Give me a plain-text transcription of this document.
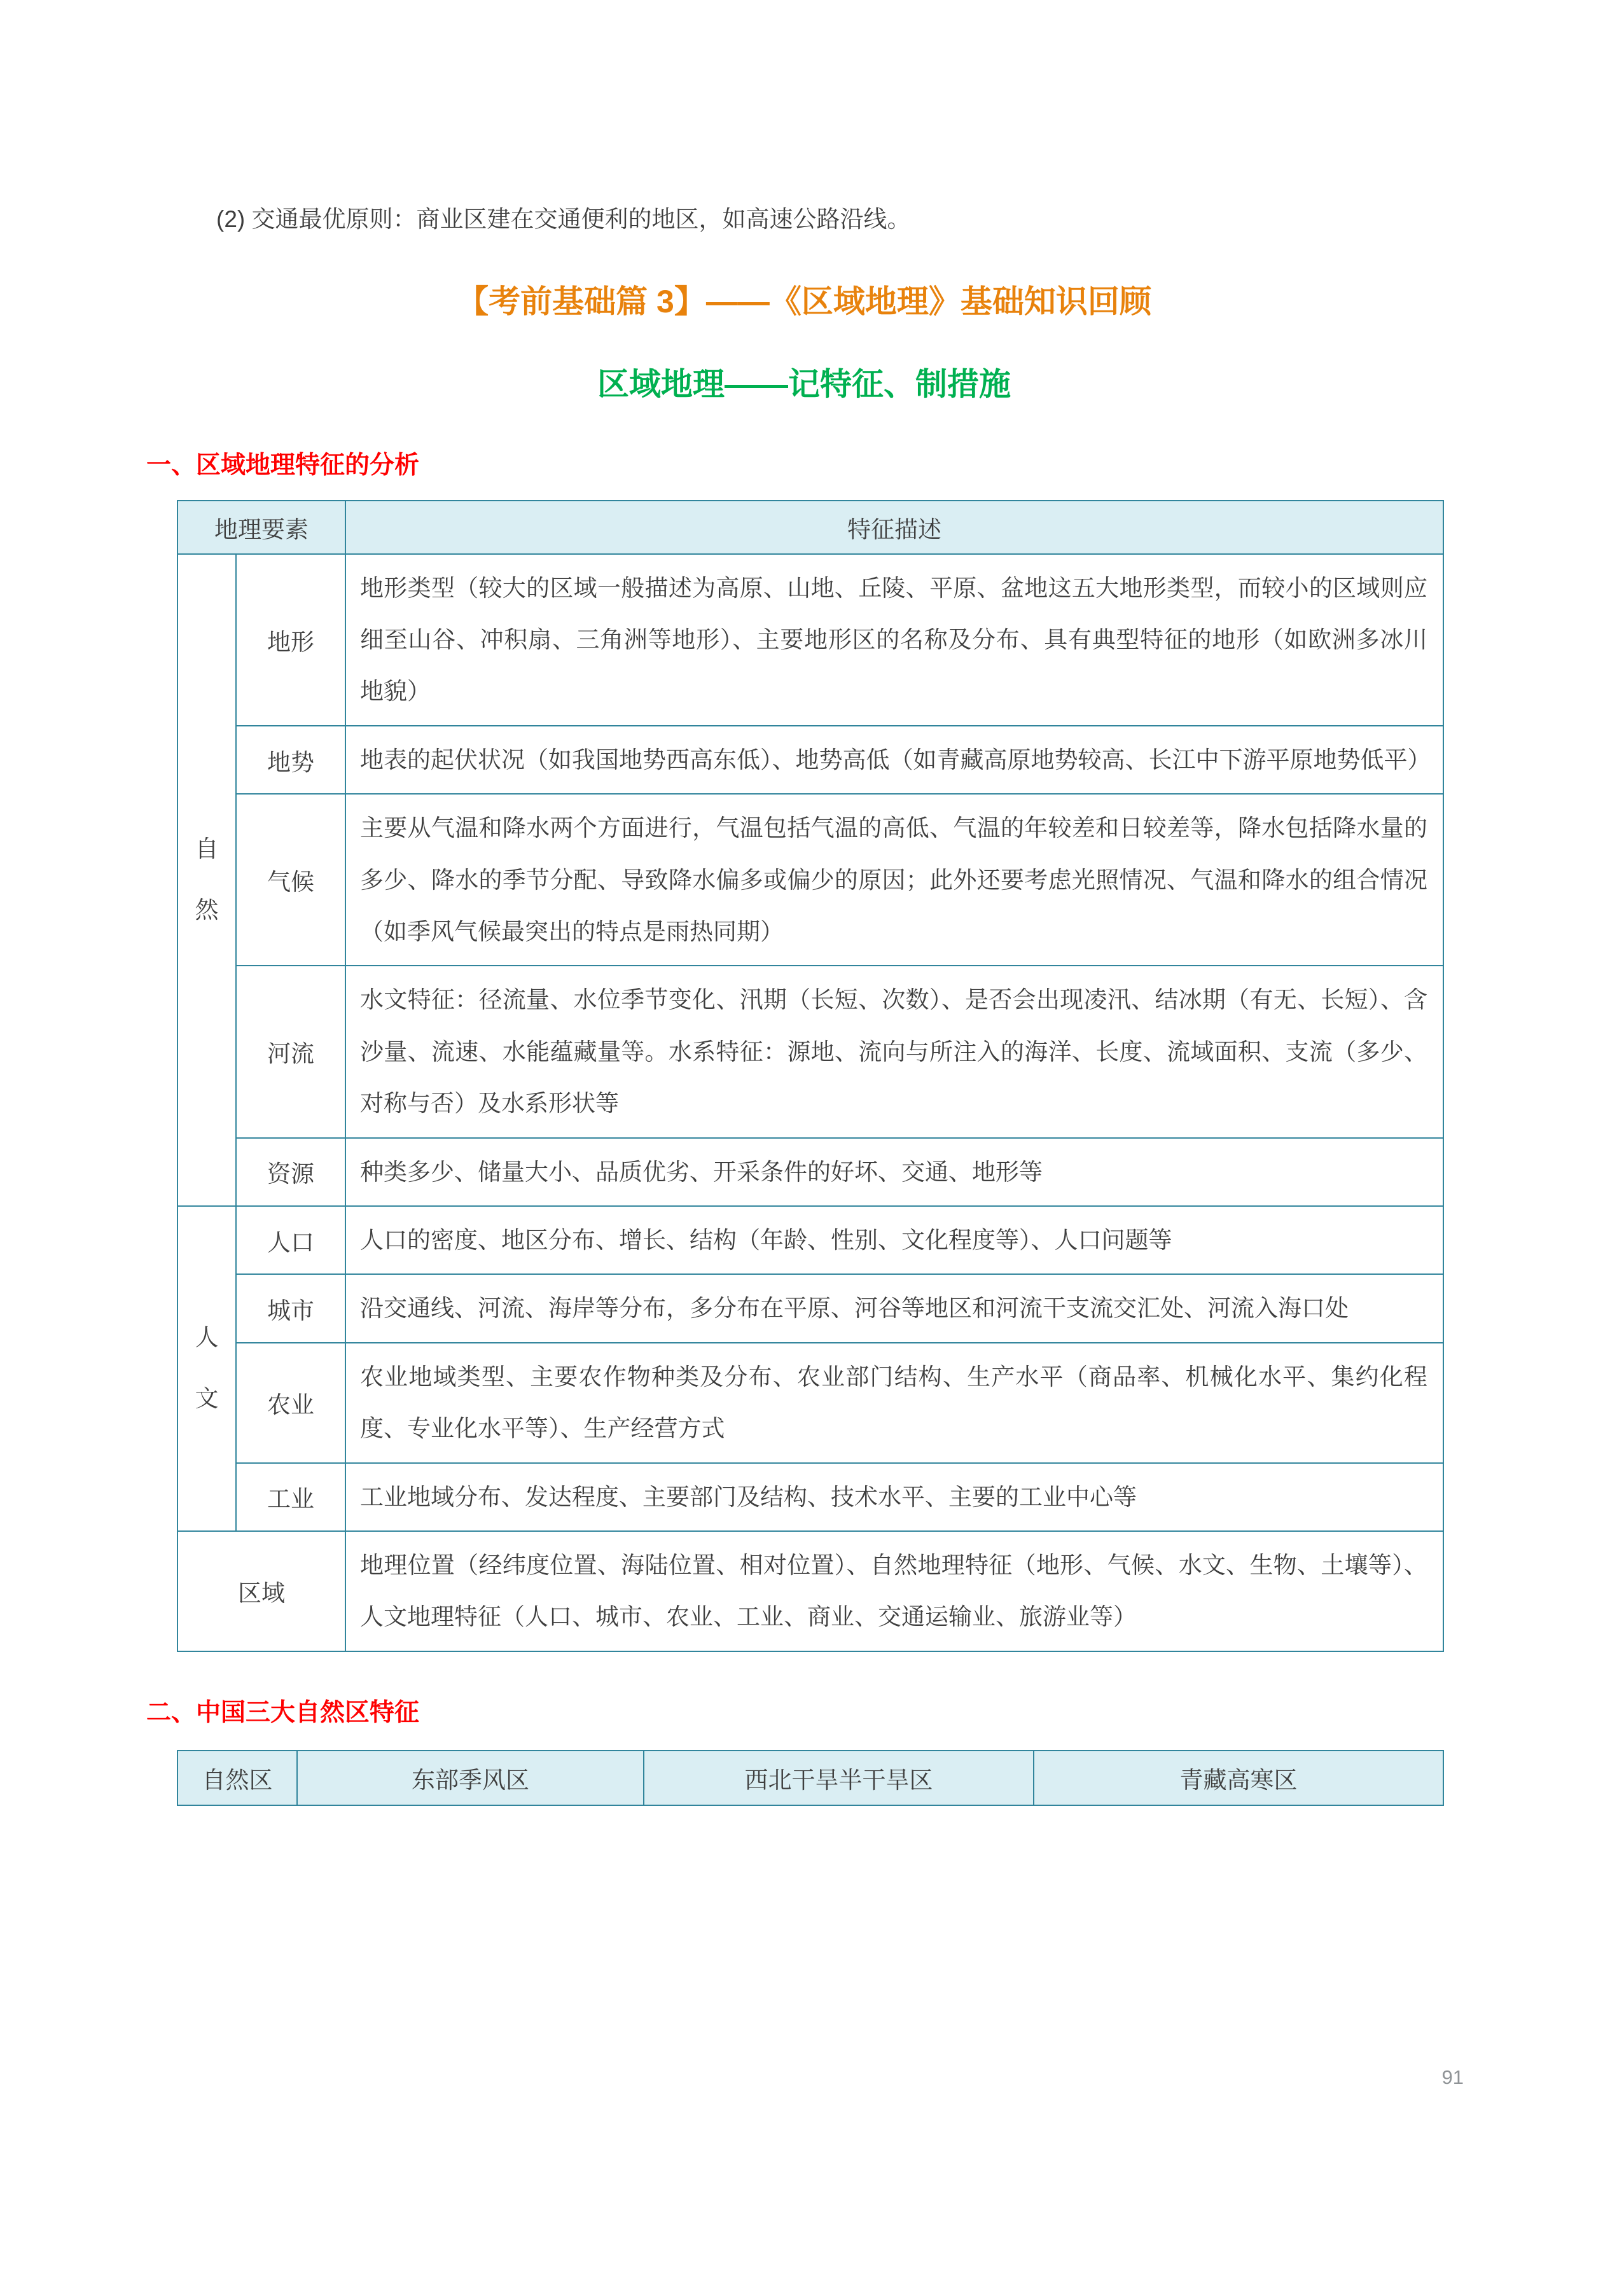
(2) 交通最优原则：商业区建在交通便利的地区，如高速公路沿线。

【考前基础篇 3】——《区域地理》基础知识回顾
区域地理——记特征、制措施
一、区域地理特征的分析
地理要素		特征描述

自然	地形	地形类型（较大的区域一般描述为高原、山地、丘陵、平原、盆地这五大地形类型，而较小的区域则应细至山谷、冲积扇、三角洲等地形）、主要地形区的名称及分布、具有典型特征的地形（如欧洲多冰川地貌）
	地势	地表的起伏状况（如我国地势西高东低）、地势高低（如青藏高原地势较高、长江中下游平原地势低平）
	气候	主要从气温和降水两个方面进行，气温包括气温的高低、气温的年较差和日较差等，降水包括降水量的多少、降水的季节分配、导致降水偏多或偏少的原因；此外还要考虑光照情况、气温和降水的组合情况（如季风气候最突出的特点是雨热同期）
	河流	水文特征：径流量、水位季节变化、汛期（长短、次数）、是否会出现凌汛、结冰期（有无、长短）、含沙量、流速、水能蕴藏量等。水系特征：源地、流向与所注入的海洋、长度、流域面积、支流（多少、对称与否）及水系形状等
	资源	种类多少、储量大小、品质优劣、开采条件的好坏、交通、地形等

人文	人口	人口的密度、地区分布、增长、结构（年龄、性别、文化程度等）、人口问题等
	城市	沿交通线、河流、海岸等分布，多分布在平原、河谷等地区和河流干支流交汇处、河流入海口处
	农业	农业地域类型、主要农作物种类及分布、农业部门结构、生产水平（商品率、机械化水平、集约化程度、专业化水平等）、生产经营方式
	工业	工业地域分布、发达程度、主要部门及结构、技术水平、主要的工业中心等
区域		地理位置（经纬度位置、海陆位置、相对位置）、自然地理特征（地形、气候、水文、生物、土壤等）、人文地理特征（人口、城市、农业、工业、商业、交通运输业、旅游业等）
二、中国三大自然区特征
自然区	东部季风区	西北干旱半干旱区	青藏高寒区
91
